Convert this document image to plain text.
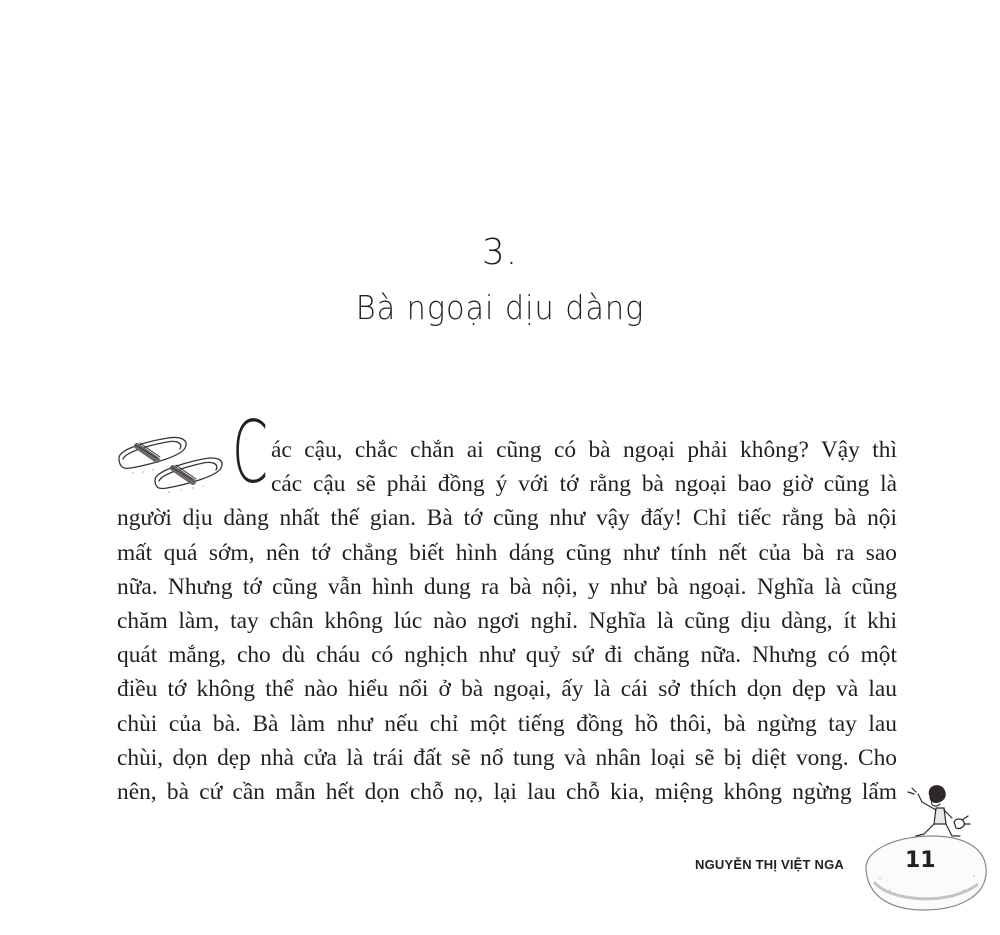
3.
Bà ngoại dịu dàng
C ác cậu, chắc chắn ai cũng có bà ngoại phải không? Vậy thì
các cậu sẽ phải đồng ý với tớ rằng bà ngoại bao giờ cũng là
người dịu dàng nhất thế gian. Bà tớ cũng như vậy đấy! Chỉ tiếc rằng bà nội
mất quá sớm, nên tớ chẳng biết hình dáng cũng như tính nết của bà ra sao
nữa. Nhưng tớ cũng vẫn hình dung ra bà nội, y như bà ngoại. Nghĩa là cũng
chăm làm, tay chân không lúc nào ngơi nghỉ. Nghĩa là cũng dịu dàng, ít khi
quát mắng, cho dù cháu có nghịch như quỷ sứ đi chăng nữa. Nhưng có một
điều tớ không thể nào hiểu nổi ở bà ngoại, ấy là cái sở thích dọn dẹp và lau
chùi của bà. Bà làm như nếu chỉ một tiếng đồng hồ thôi, bà ngừng tay lau
chùi, dọn dẹp nhà cửa là trái đất sẽ nổ tung và nhân loại sẽ bị diệt vong. Cho
nên, bà cứ cần mẫn hết dọn chỗ nọ, lại lau chỗ kia, miệng không ngừng lẩm
NGUYỄN THỊ VIỆT NGA	11
